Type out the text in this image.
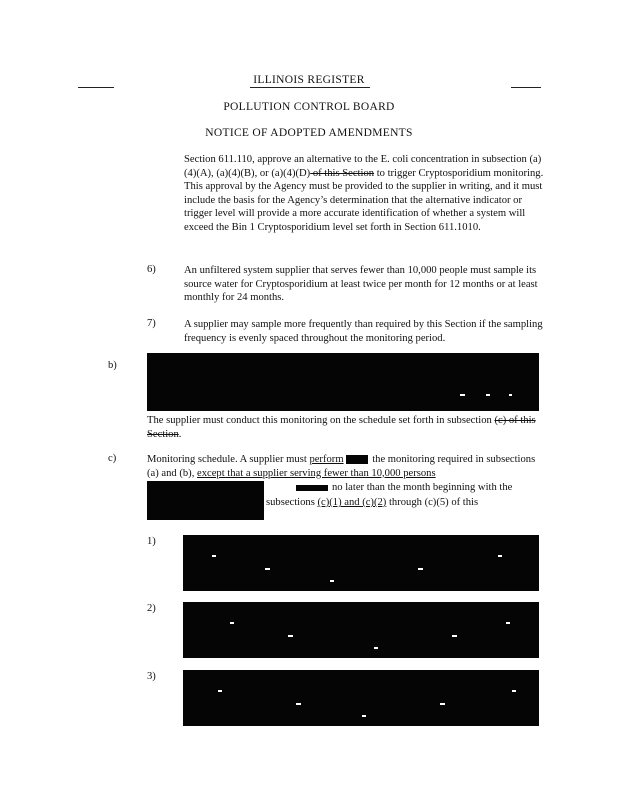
ILLINOIS REGISTER
POLLUTION CONTROL BOARD
NOTICE OF ADOPTED AMENDMENTS

Section 611.110, approve an alternative to the E. coli concentration in subsection (a)(4)(A), (a)(4)(B), or (a)(4)(D) of this Section to trigger Cryptosporidium monitoring. This approval by the Agency must be provided to the supplier in writing, and it must include the basis for the Agency’s determination that the alternative indicator or trigger level will provide a more accurate identification of whether a system will exceed the Bin 1 Cryptosporidium level set forth in Section 611.1010.

6)	An unfiltered system supplier that serves fewer than 10,000 people must sample its source water for Cryptosporidium at least twice per month for 12 months or at least monthly for 24 months.
7)	A supplier may sample more frequently than required by this Section if the sampling frequency is evenly spaced throughout the monitoring period.
b)

The supplier must conduct this monitoring on the schedule set forth in subsection (c) of this Section.

c)	Monitoring schedule. A supplier must perform the monitoring required in subsections (a) and (b), except that a supplier serving fewer than 10,000 persons

no later than the month beginning with the

subsections (c)(1) and (c)(2) through (c)(5) of this

1)
2)
3)
